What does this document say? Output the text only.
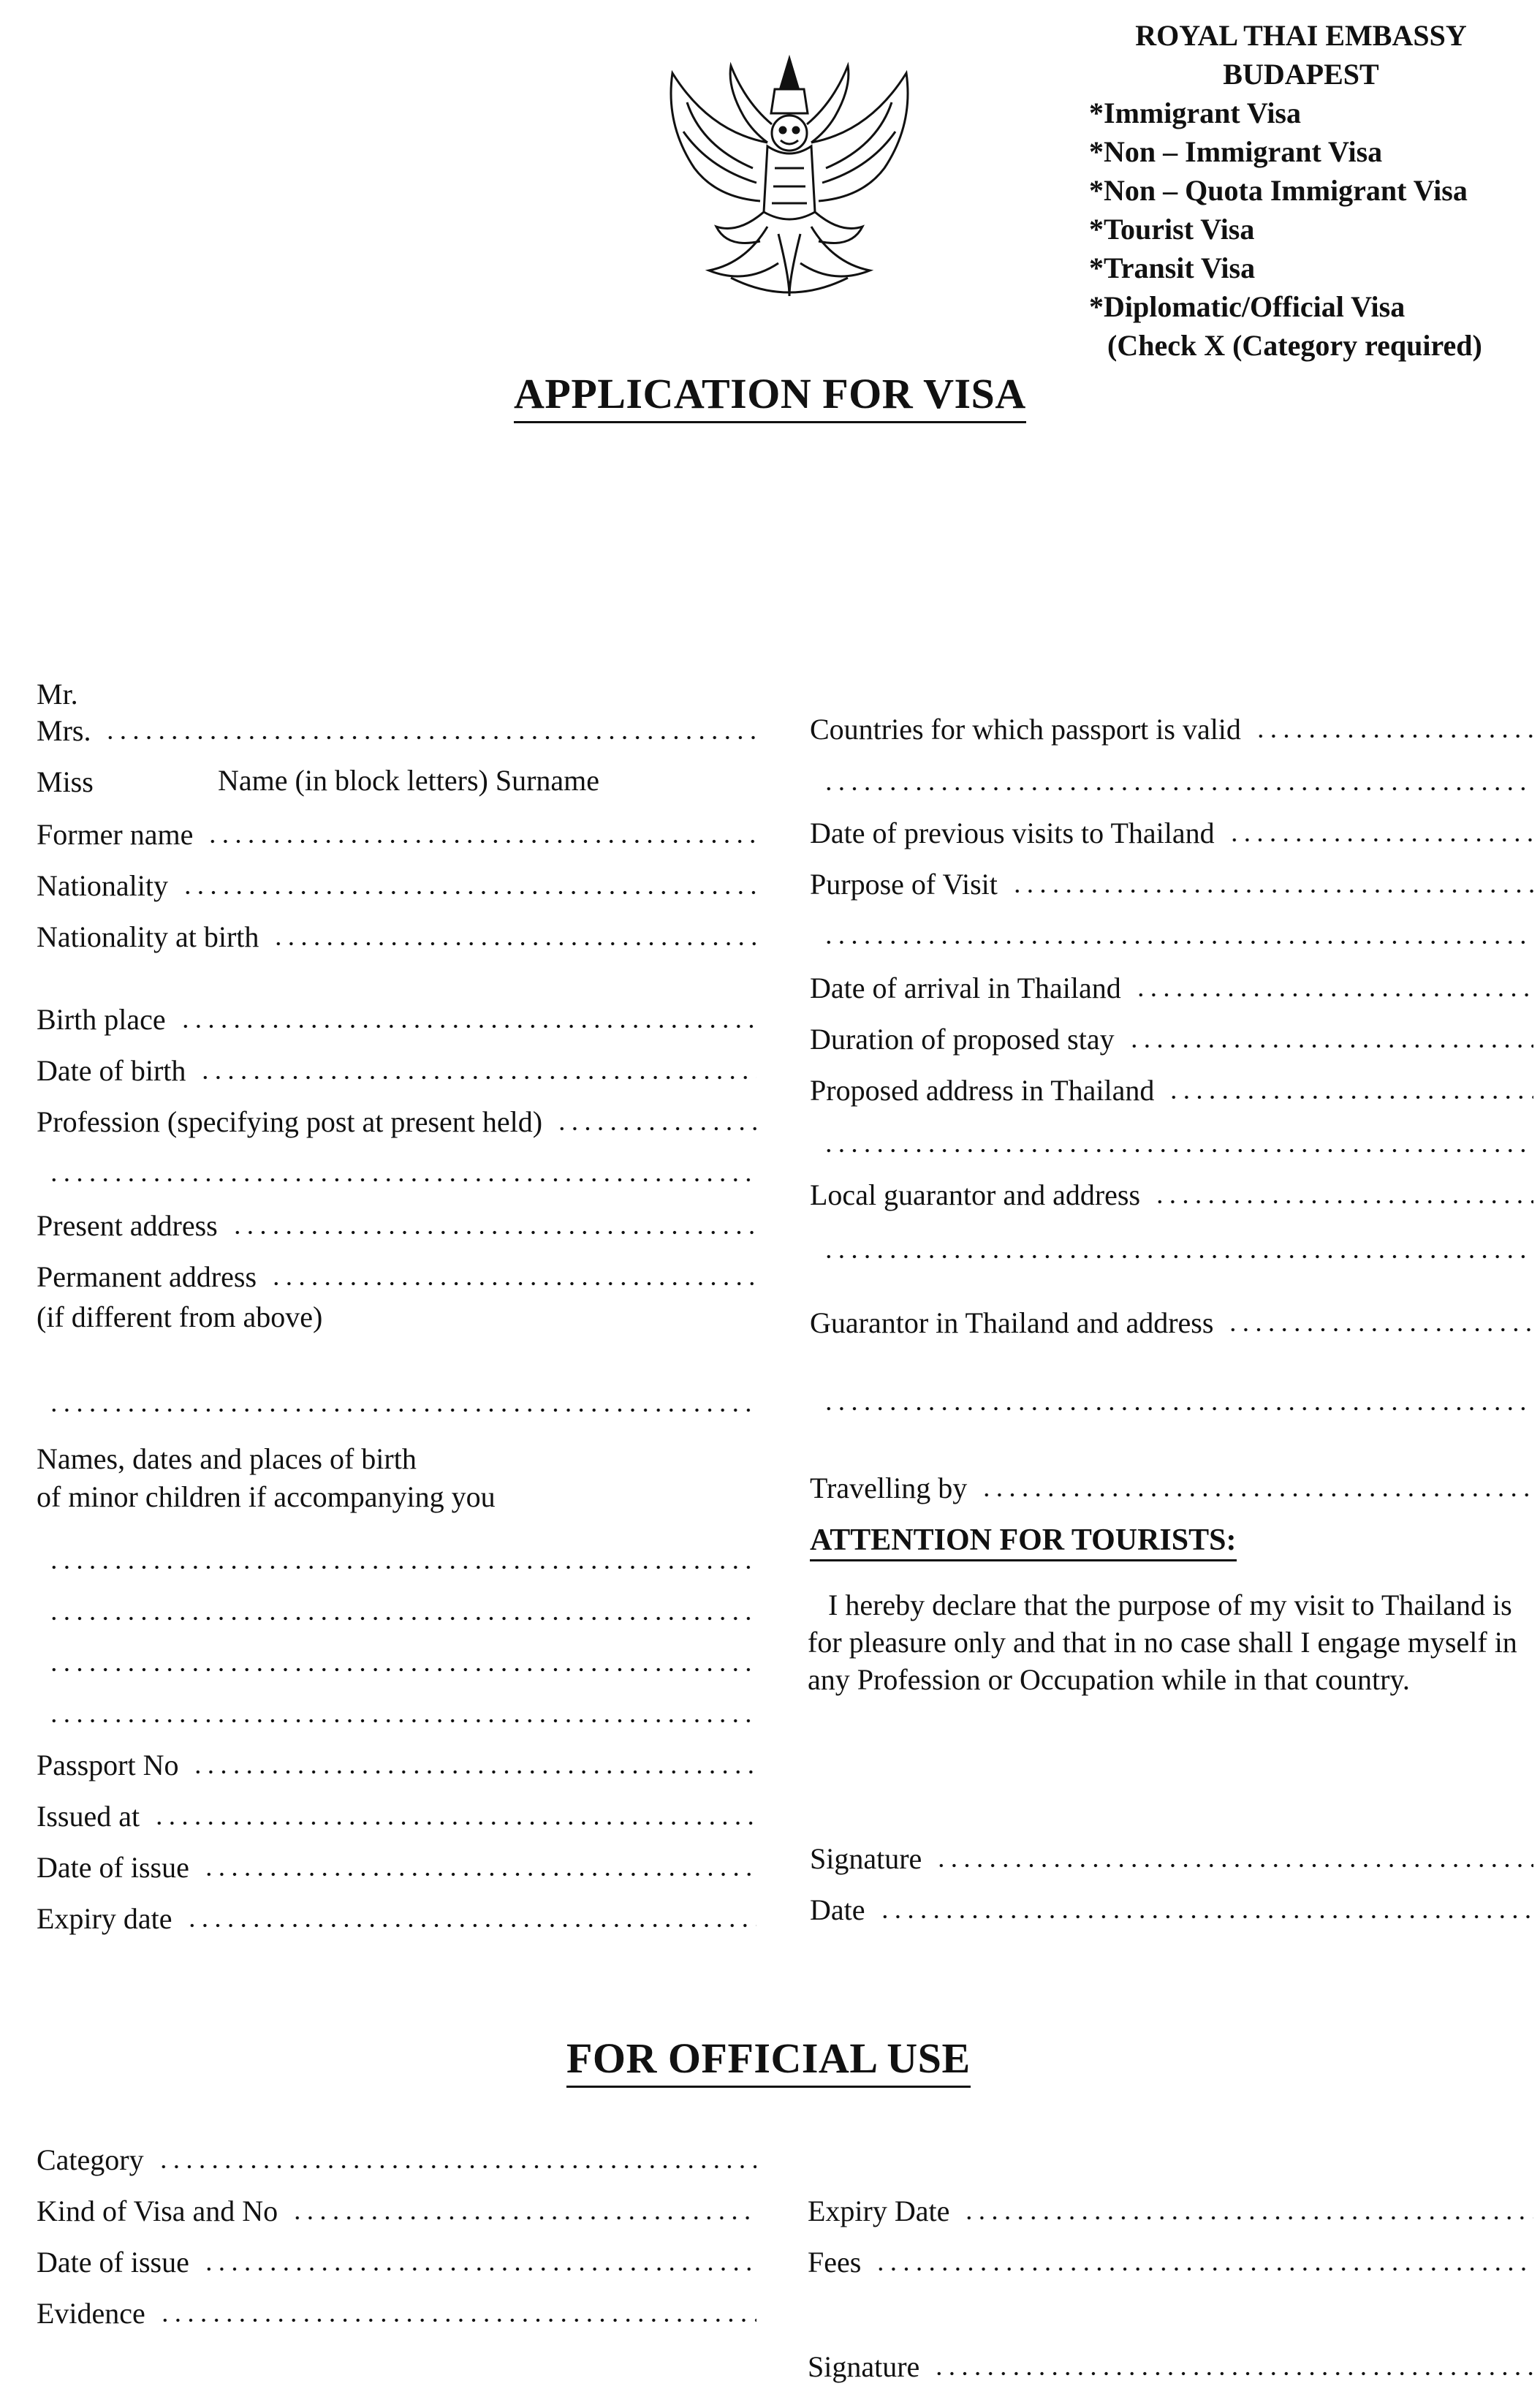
ROYAL THAI EMBASSY
BUDAPEST
*Immigrant Visa
*Non – Immigrant Visa
*Non – Quota Immigrant Visa
*Tourist Visa
*Transit Visa
*Diplomatic/Official Visa
(Check X (Category required)
APPLICATION FOR VISA
Mr.
Mrs.
Miss	Name (in block letters) Surname
Former name
Nationality
Nationality at birth
Birth place
Date of birth
Profession (specifying post at present held)
Present address
Permanent address
(if different from above)
Names, dates and places of birth
of minor children if accompanying you
Passport No
Issued at
Date of issue
Expiry date
Countries for which passport is valid
Date of previous visits to Thailand
Purpose of Visit
Date of arrival in Thailand
Duration of proposed stay
Proposed address in Thailand
Local guarantor and address
Guarantor in Thailand and address
Travelling by
ATTENTION FOR TOURISTS:
I hereby declare that the purpose of my visit to Thailand is for pleasure only and that in no case shall I engage myself in any Profession or Occupation while in that country.
Signature
Date
FOR OFFICIAL USE
Category
Kind of Visa and No
Date of issue
Evidence
Expiry Date
Fees
Signature
